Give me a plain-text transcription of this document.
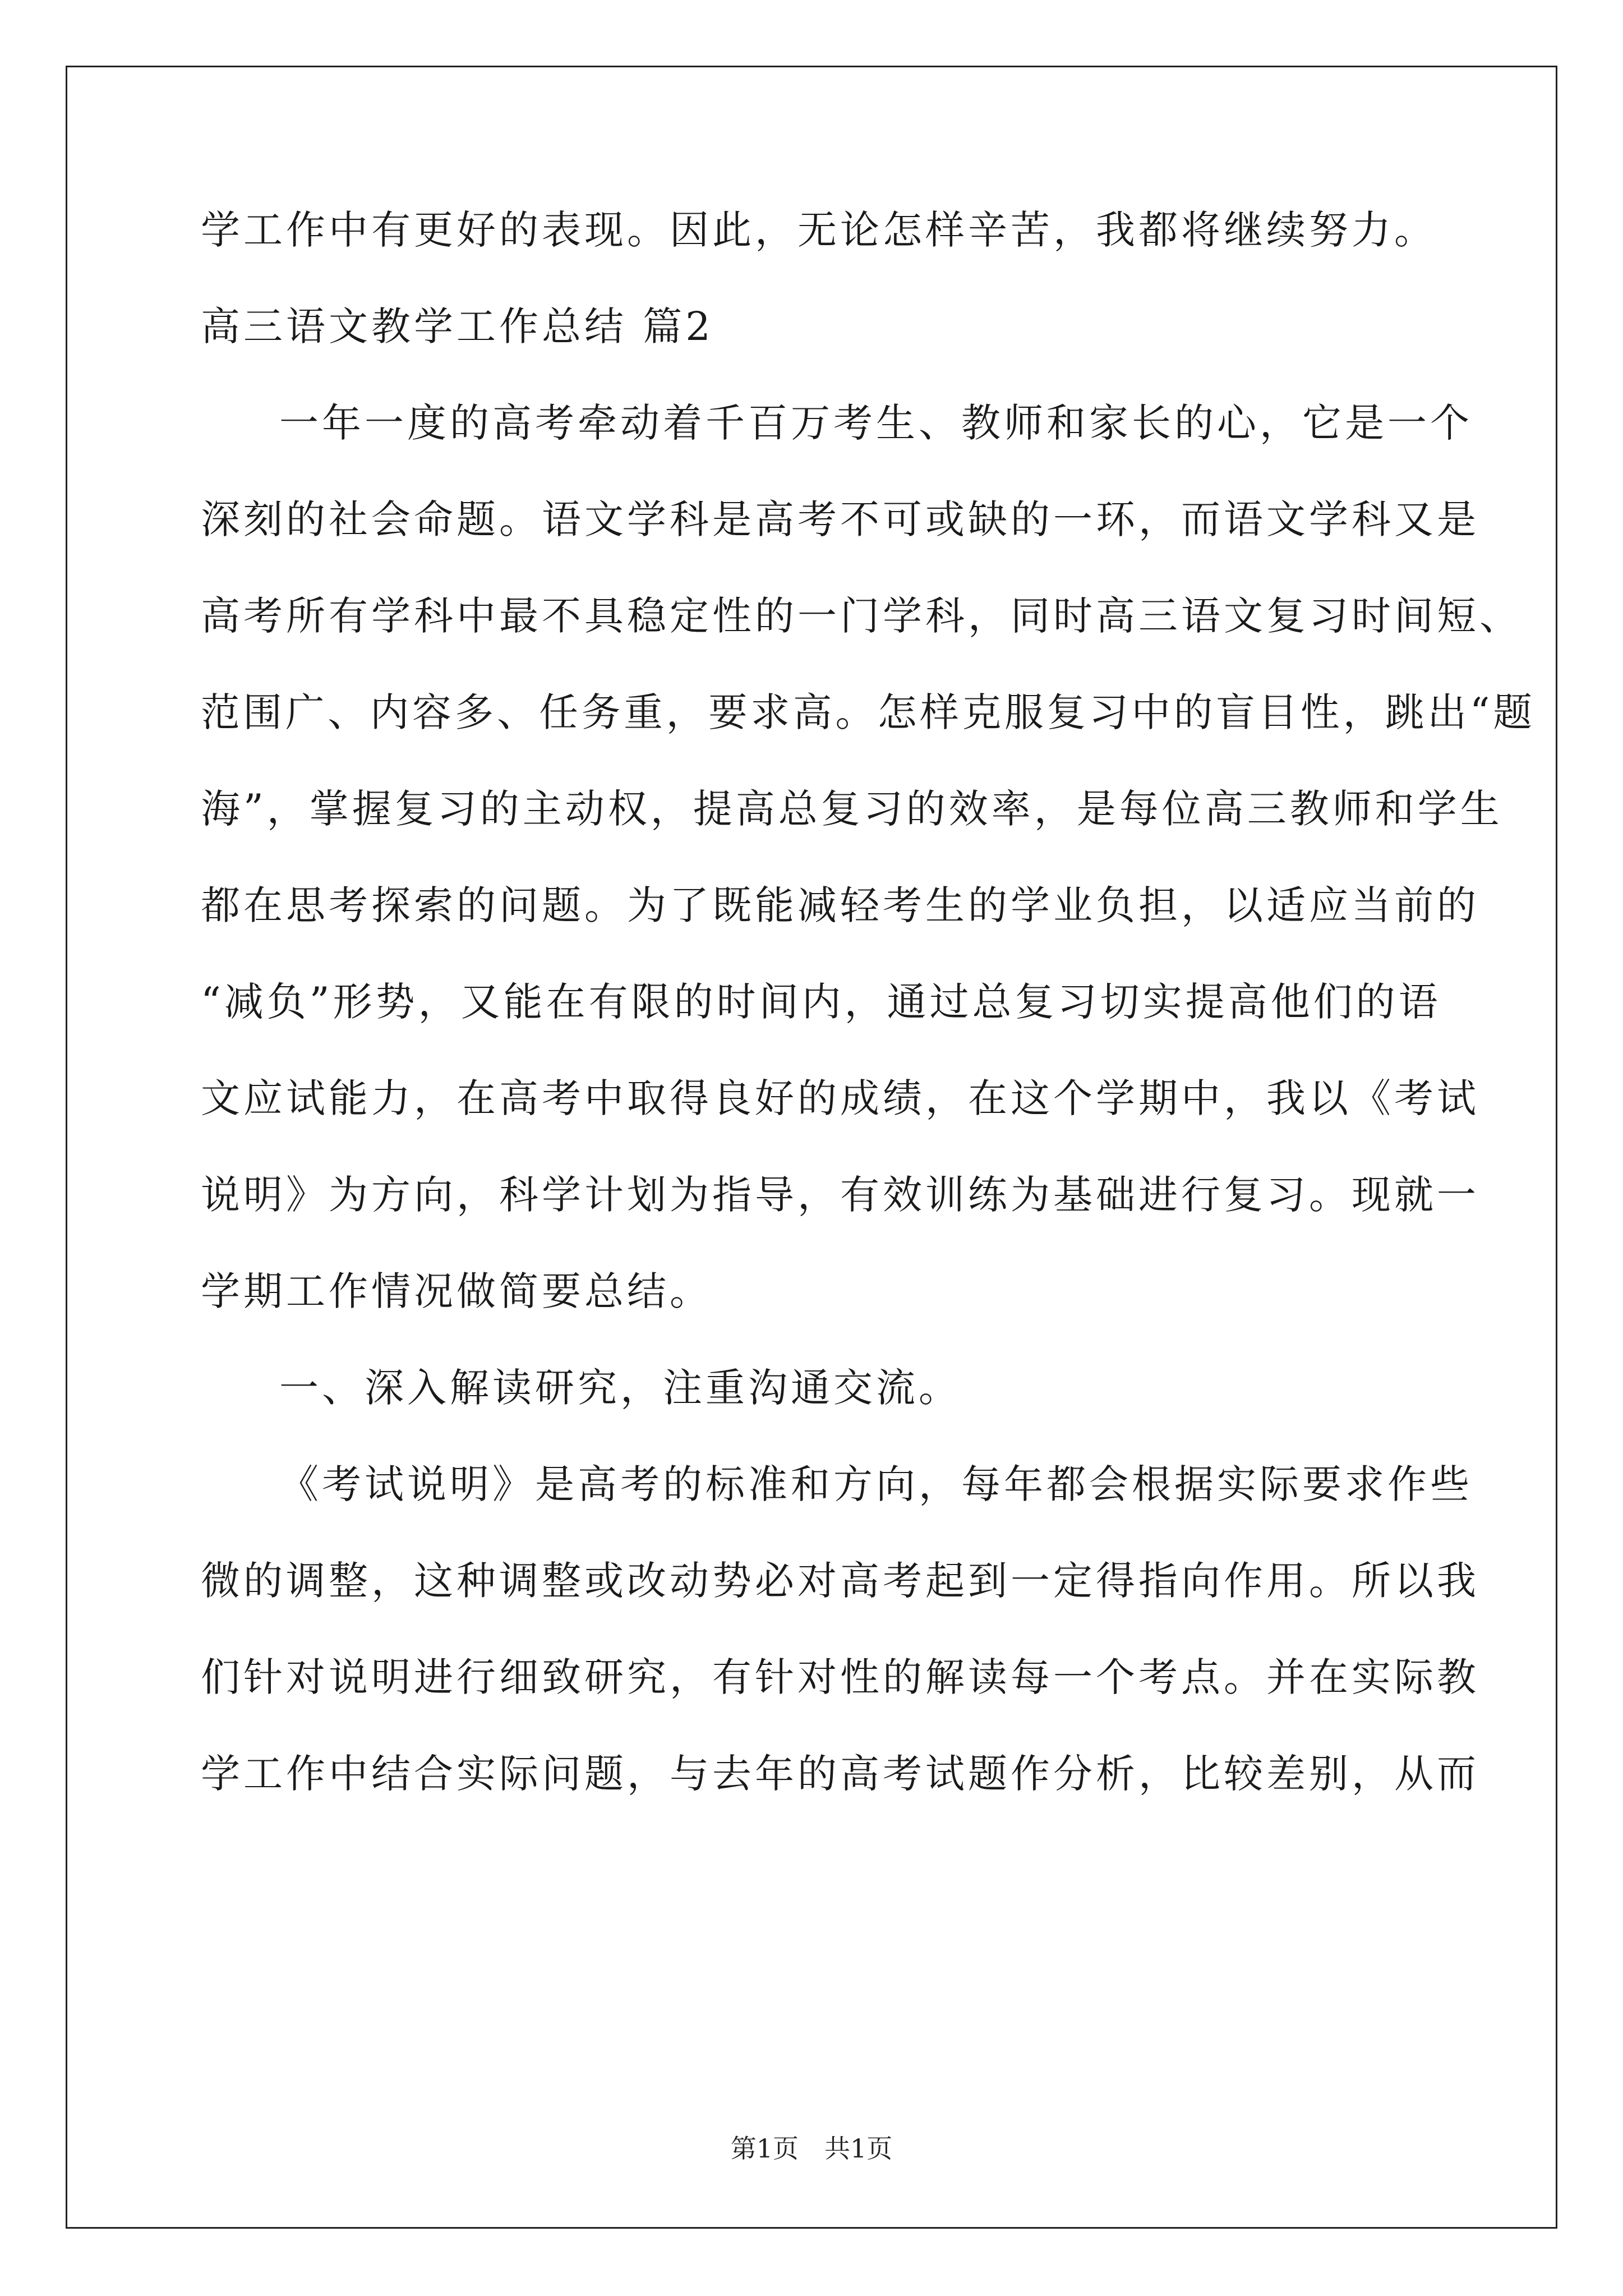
学工作中有更好的表现。因此，无论怎样辛苦，我都将继续努力。
高三语文教学工作总结 篇2
一年一度的高考牵动着千百万考生、教师和家长的心，它是一个
深刻的社会命题。语文学科是高考不可或缺的一环，而语文学科又是
高考所有学科中最不具稳定性的一门学科，同时高三语文复习时间短、
范围广、内容多、任务重，要求高。怎样克服复习中的盲目性，跳出“题
海”，掌握复习的主动权，提高总复习的效率，是每位高三教师和学生
都在思考探索的问题。为了既能减轻考生的学业负担，以适应当前的
“减负”形势，又能在有限的时间内，通过总复习切实提高他们的语
文应试能力，在高考中取得良好的成绩，在这个学期中，我以《考试
说明》为方向，科学计划为指导，有效训练为基础进行复习。现就一
学期工作情况做简要总结。
一、深入解读研究，注重沟通交流。
《考试说明》是高考的标准和方向，每年都会根据实际要求作些
微的调整，这种调整或改动势必对高考起到一定得指向作用。所以我
们针对说明进行细致研究，有针对性的解读每一个考点。并在实际教
学工作中结合实际问题，与去年的高考试题作分析，比较差别，从而
第1页　共1页
